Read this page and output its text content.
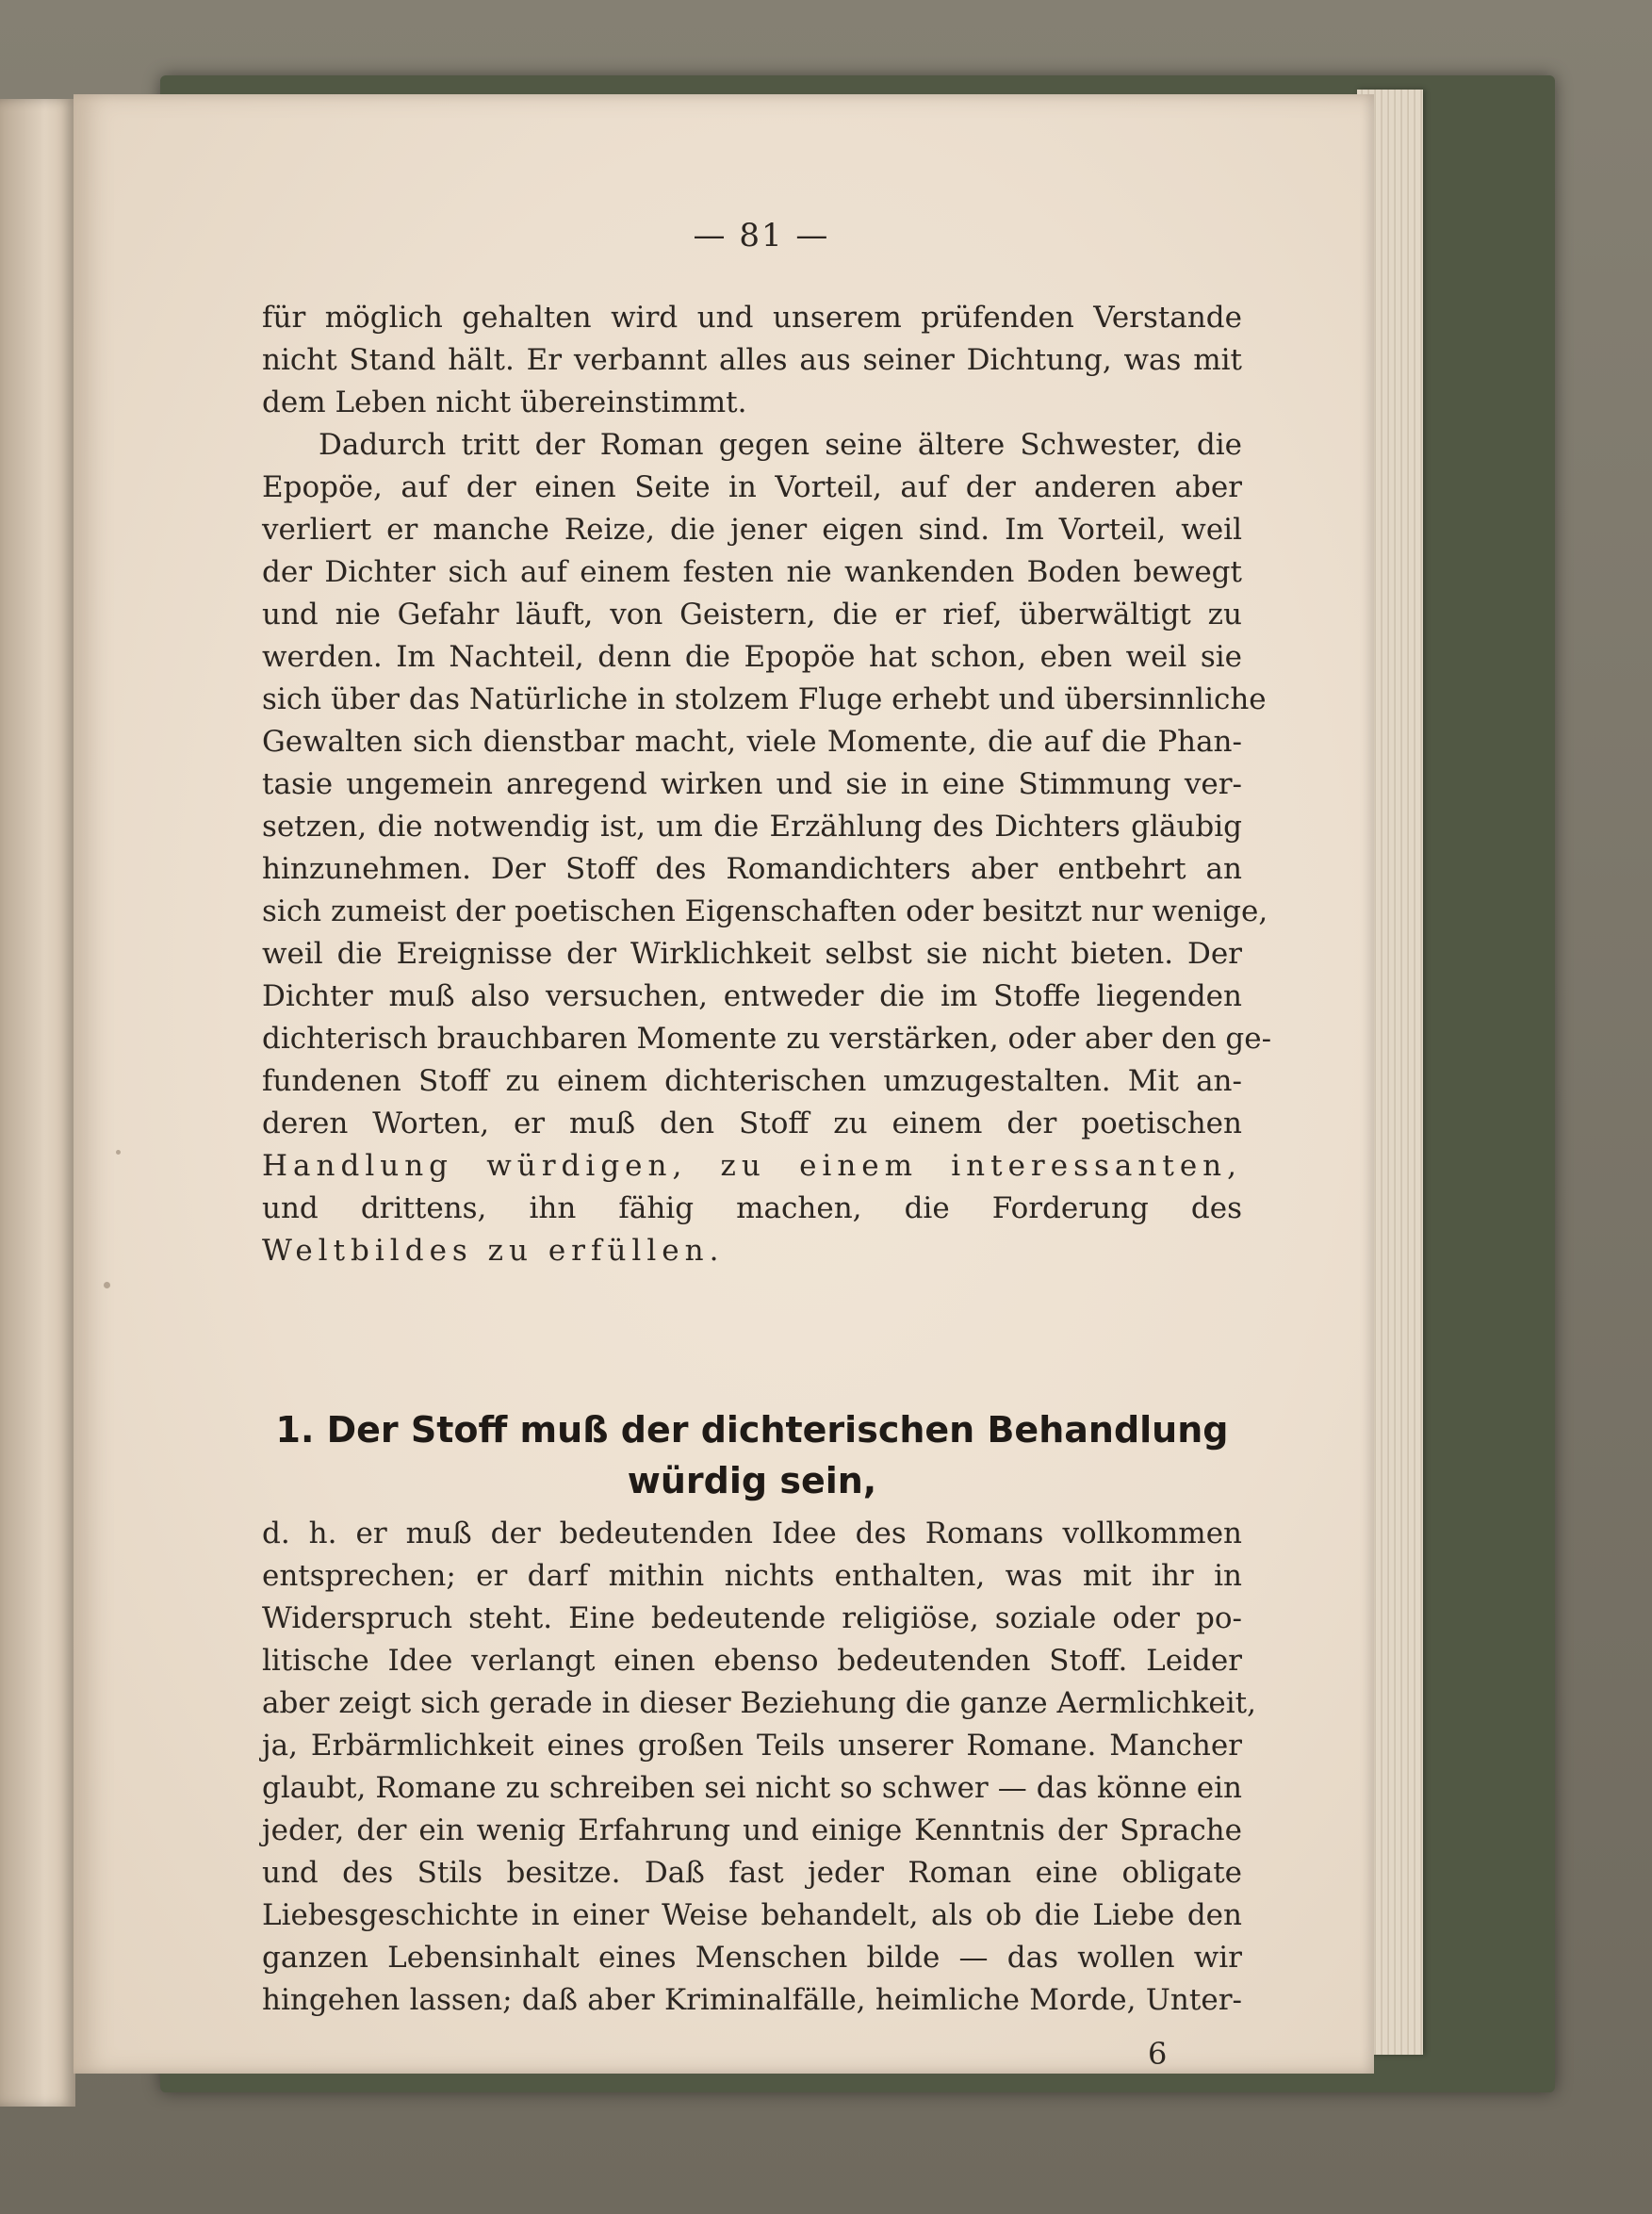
— 81 —
für möglich gehalten wird und unserem prüfenden Verstande
nicht Stand hält. Er verbannt alles aus seiner Dichtung, was mit
dem Leben nicht übereinstimmt.
Dadurch tritt der Roman gegen seine ältere Schwester, die
Epopöe, auf der einen Seite in Vorteil, auf der anderen aber
verliert er manche Reize, die jener eigen sind. Im Vorteil, weil
der Dichter sich auf einem festen nie wankenden Boden bewegt
und nie Gefahr läuft, von Geistern, die er rief, überwältigt zu
werden. Im Nachteil, denn die Epopöe hat schon, eben weil sie
sich über das Natürliche in stolzem Fluge erhebt und übersinnliche
Gewalten sich dienstbar macht, viele Momente, die auf die Phan-
tasie ungemein anregend wirken und sie in eine Stimmung ver-
setzen, die notwendig ist, um die Erzählung des Dichters gläubig
hinzunehmen. Der Stoff des Romandichters aber entbehrt an
sich zumeist der poetischen Eigenschaften oder besitzt nur wenige,
weil die Ereignisse der Wirklichkeit selbst sie nicht bieten. Der
Dichter muß also versuchen, entweder die im Stoffe liegenden
dichterisch brauchbaren Momente zu verstärken, oder aber den ge-
fundenen Stoff zu einem dichterischen umzugestalten. Mit an-
deren Worten, er muß den Stoff zu einem der poetischen
Handlung würdigen, zu einem interessanten,
und drittens, ihn fähig machen, die Forderung des
Weltbildes zu erfüllen.
1. Der Stoff muß der dichterischen Behandlung
würdig sein,
d. h. er muß der bedeutenden Idee des Romans vollkommen
entsprechen; er darf mithin nichts enthalten, was mit ihr in
Widerspruch steht. Eine bedeutende religiöse, soziale oder po-
litische Idee verlangt einen ebenso bedeutenden Stoff. Leider
aber zeigt sich gerade in dieser Beziehung die ganze Aermlichkeit,
ja, Erbärmlichkeit eines großen Teils unserer Romane. Mancher
glaubt, Romane zu schreiben sei nicht so schwer — das könne ein
jeder, der ein wenig Erfahrung und einige Kenntnis der Sprache
und des Stils besitze. Daß fast jeder Roman eine obligate
Liebesgeschichte in einer Weise behandelt, als ob die Liebe den
ganzen Lebensinhalt eines Menschen bilde — das wollen wir
hingehen lassen; daß aber Kriminalfälle, heimliche Morde, Unter-
6
